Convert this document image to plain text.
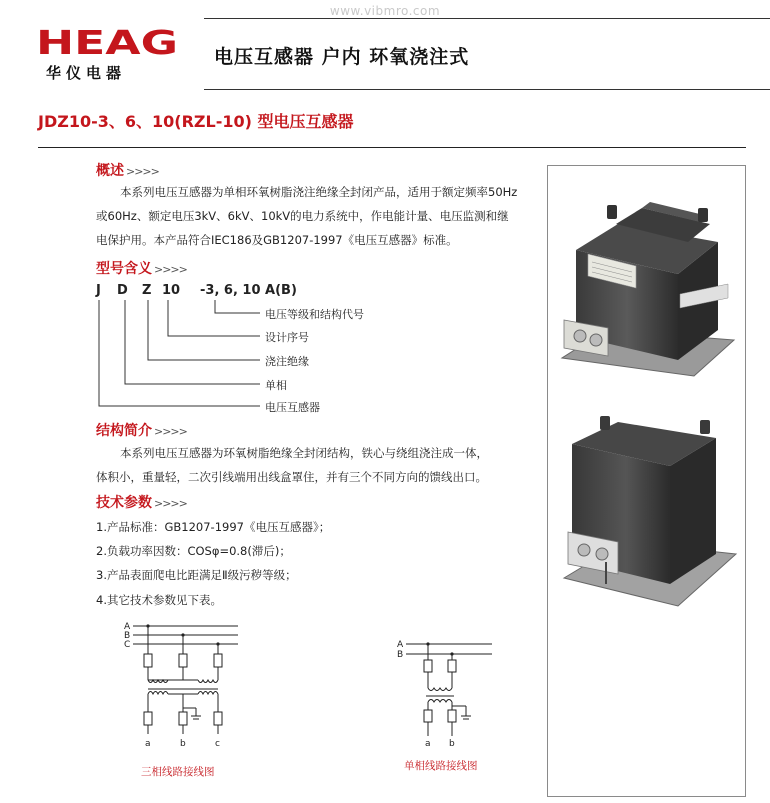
www.vibmro.com
HEAG
华仪电器
电压互感器 户内 环氧浇注式
JDZ10-3、6、10(RZL-10) 型电压互感器
概述 >>>>
本系列电压互感器为单相环氧树脂浇注绝缘全封闭产品，适用于额定频率50Hz
或60Hz、额定电压3kV、6kV、10kV的电力系统中，作电能计量、电压监测和继
电保护用。本产品符合IEC186及GB1207-1997《电压互感器》标准。
型号含义 >>>>
J D Z 10 -3, 6, 10 A(B)
电压等级和结构代号
设计序号
浇注绝缘
单相
电压互感器
结构简介 >>>>
本系列电压互感器为环氧树脂绝缘全封闭结构，铁心与绕组浇注成一体，
体积小，重量轻，二次引线端用出线盒罩住，并有三个不同方向的馈线出口。
技术参数 >>>>
1.产品标准：GB1207-1997《电压互感器》；
2.负载功率因数：COSφ=0.8(滞后)；
3.产品表面爬电比距满足Ⅱ级污秽等级；
4.其它技术参数见下表。
A
B
C
a	b	c
三相线路接线图
A
B
a b
单相线路接线图
